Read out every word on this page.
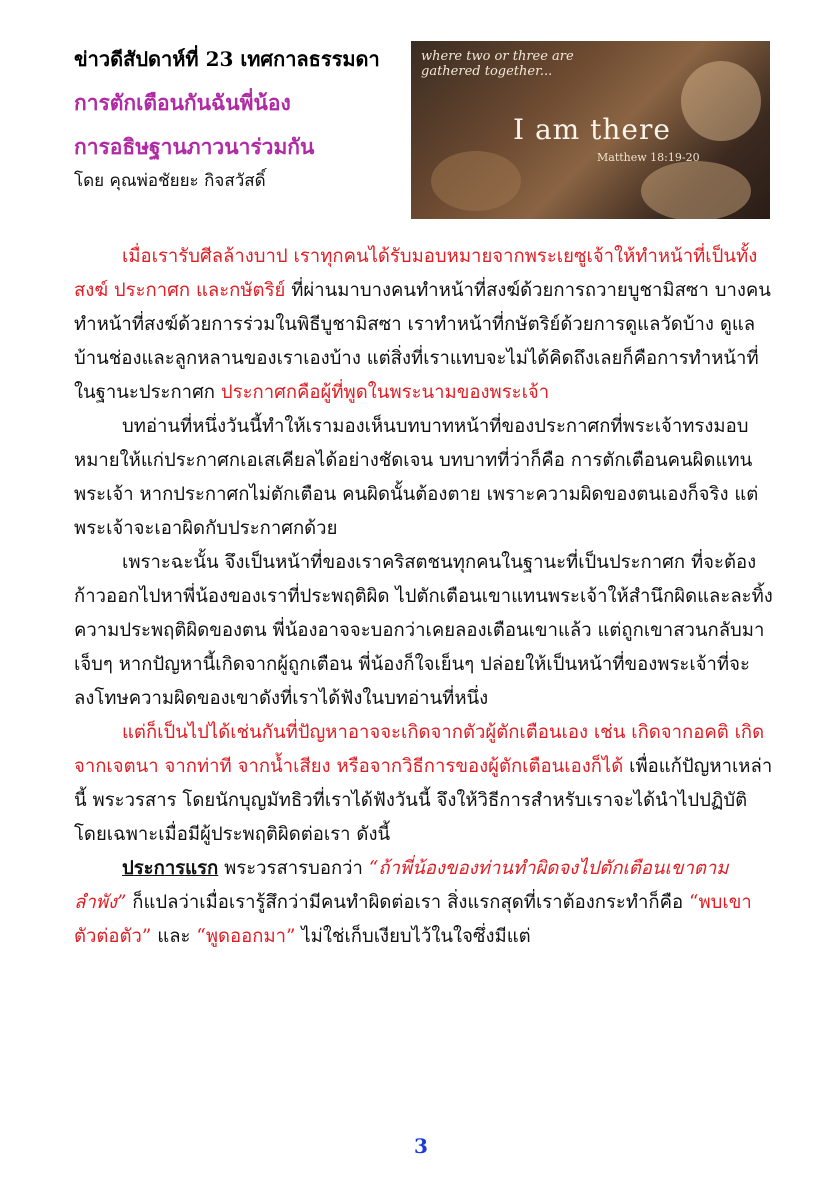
ข่าวดีสัปดาห์ที่ 23 เทศกาลธรรมดา

การตักเตือนกันฉันพี่น้อง

การอธิษฐานภาวนาร่วมกัน

โดย คุณพ่อชัยยะ กิจสวัสดิ์
where two or three are
gathered together...
I am there
Matthew 18:19-20

เมื่อเรารับศีลล้างบาป เราทุกคนได้รับมอบหมายจากพระเยซูเจ้าให้ทำหน้าที่เป็นทั้ง สงฆ์ ประกาศก และกษัตริย์ ที่ผ่านมาบางคนทำหน้าที่สงฆ์ด้วยการถวายบูชามิสซา บางคนทำหน้าที่สงฆ์ด้วยการร่วมในพิธีบูชามิสซา เราทำหน้าที่กษัตริย์ด้วยการดูแลวัดบ้าง ดูแลบ้านช่องและลูกหลานของเราเองบ้าง แต่สิ่งที่เราแทบจะไม่ได้คิดถึงเลยก็คือการทำหน้าที่ในฐานะประกาศก ประกาศกคือผู้ที่พูดในพระนามของพระเจ้า

บทอ่านที่หนึ่งวันนี้ทำให้เรามองเห็นบทบาทหน้าที่ของประกาศกที่พระเจ้าทรงมอบหมายให้แก่ประกาศกเอเสเคียลได้อย่างชัดเจน บทบาทที่ว่าก็คือ การตักเตือนคนผิดแทนพระเจ้า หากประกาศกไม่ตักเตือน คนผิดนั้นต้องตาย เพราะความผิดของตนเองก็จริง แต่พระเจ้าจะเอาผิดกับประกาศกด้วย

เพราะฉะนั้น จึงเป็นหน้าที่ของเราคริสตชนทุกคนในฐานะที่เป็นประกาศก ที่จะต้องก้าวออกไปหาพี่น้องของเราที่ประพฤติผิด ไปตักเตือนเขาแทนพระเจ้าให้สำนึกผิดและละทิ้งความประพฤติผิดของตน พี่น้องอาจจะบอกว่าเคยลองเตือนเขาแล้ว แต่ถูกเขาสวนกลับมาเจ็บๆ หากปัญหานี้เกิดจากผู้ถูกเตือน พี่น้องก็ใจเย็นๆ ปล่อยให้เป็นหน้าที่ของพระเจ้าที่จะลงโทษความผิดของเขาดังที่เราได้ฟังในบทอ่านที่หนึ่ง

แต่ก็เป็นไปได้เช่นกันที่ปัญหาอาจจะเกิดจากตัวผู้ตักเตือนเอง เช่น เกิดจากอคติ เกิดจากเจตนา จากท่าที จากน้ำเสียง หรือจากวิธีการของผู้ตักเตือนเองก็ได้ เพื่อแก้ปัญหาเหล่านี้ พระวรสาร โดยนักบุญมัทธิวที่เราได้ฟังวันนี้ จึงให้วิธีการสำหรับเราจะได้นำไปปฏิบัติ โดยเฉพาะเมื่อมีผู้ประพฤติผิดต่อเรา ดังนี้

ประการแรก พระวรสารบอกว่า “ถ้าพี่น้องของท่านทำผิดจงไปตักเตือนเขาตามลำพัง” ก็แปลว่าเมื่อเรารู้สึกว่ามีคนทำผิดต่อเรา สิ่งแรกสุดที่เราต้องกระทำก็คือ “พบเขาตัวต่อตัว” และ “พูดออกมา” ไม่ใช่เก็บเงียบไว้ในใจซึ่งมีแต่

3
